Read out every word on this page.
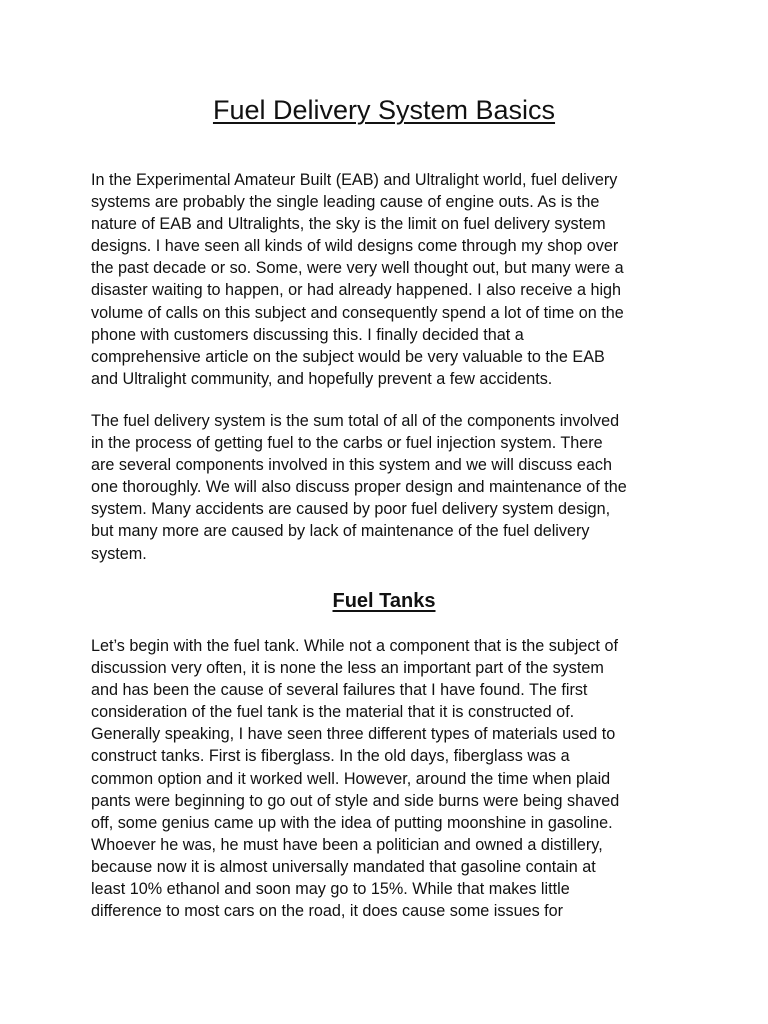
Fuel Delivery System Basics

In the Experimental Amateur Built (EAB) and Ultralight world, fuel delivery
systems are probably the single leading cause of engine outs. As is the
nature of EAB and Ultralights, the sky is the limit on fuel delivery system
designs. I have seen all kinds of wild designs come through my shop over
the past decade or so. Some, were very well thought out, but many were a
disaster waiting to happen, or had already happened. I also receive a high
volume of calls on this subject and consequently spend a lot of time on the
phone with customers discussing this. I finally decided that a
comprehensive article on the subject would be very valuable to the EAB
and Ultralight community, and hopefully prevent a few accidents.

The fuel delivery system is the sum total of all of the components involved
in the process of getting fuel to the carbs or fuel injection system. There
are several components involved in this system and we will discuss each
one thoroughly. We will also discuss proper design and maintenance of the
system. Many accidents are caused by poor fuel delivery system design,
but many more are caused by lack of maintenance of the fuel delivery
system.

Fuel Tanks

Let’s begin with the fuel tank. While not a component that is the subject of
discussion very often, it is none the less an important part of the system
and has been the cause of several failures that I have found. The first
consideration of the fuel tank is the material that it is constructed of.
Generally speaking, I have seen three different types of materials used to
construct tanks. First is fiberglass. In the old days, fiberglass was a
common option and it worked well. However, around the time when plaid
pants were beginning to go out of style and side burns were being shaved
off, some genius came up with the idea of putting moonshine in gasoline.
Whoever he was, he must have been a politician and owned a distillery,
because now it is almost universally mandated that gasoline contain at
least 10% ethanol and soon may go to 15%. While that makes little
difference to most cars on the road, it does cause some issues for
